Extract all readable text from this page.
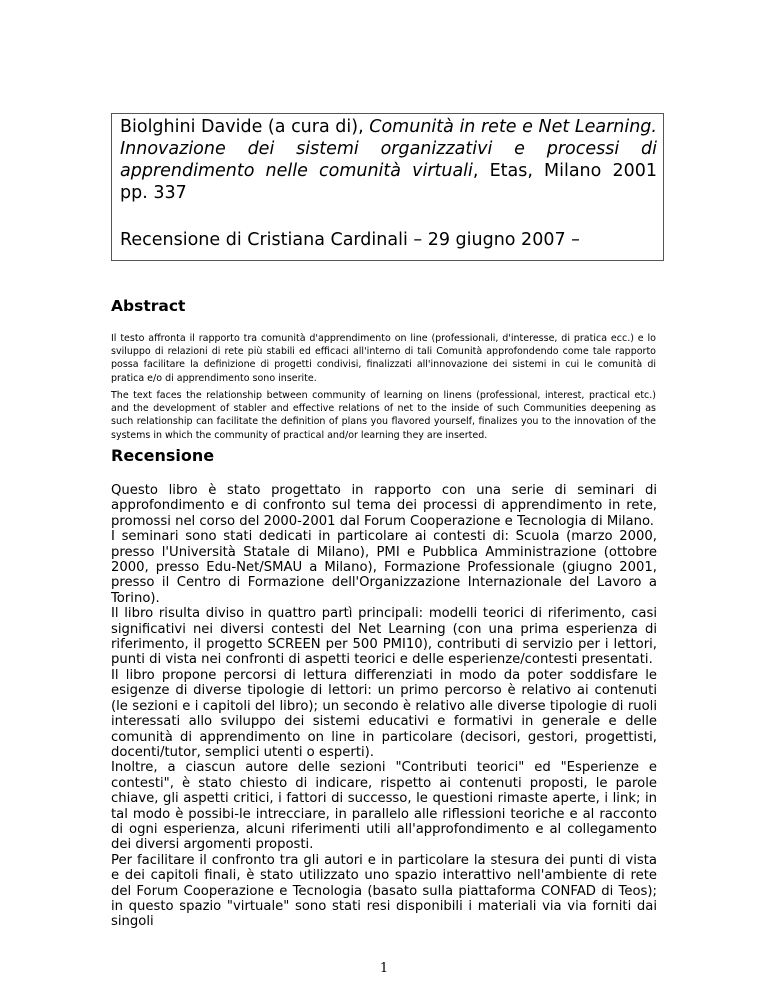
Biolghini Davide (a cura di), Comunità in rete e Net Learning. Innovazione dei sistemi organizzativi e processi di apprendimento nelle comunità virtuali, Etas, Milano 2001 pp. 337

Recensione di Cristiana Cardinali – 29 giugno 2007 –

Abstract

Il testo affronta il rapporto tra comunità d'apprendimento on line (professionali, d'interesse, di pratica ecc.) e lo sviluppo di relazioni di rete più stabili ed efficaci all'interno di tali Comunità approfondendo come tale rapporto possa facilitare la definizione di progetti condivisi, finalizzati all'innovazione dei sistemi in cui le comunità di pratica e/o di apprendimento sono inserite.

The text faces the relationship between community of learning on linens (professional, interest, practical etc.) and the development of stabler and effective relations of net to the inside of such Communities deepening as such relationship can facilitate the definition of plans you flavored yourself, finalizes you to the innovation of the systems in which the community of practical and/or learning they are inserted.

Recensione
Questo libro è stato progettato in rapporto con una serie di seminari di approfondimento e di confronto sul tema dei processi di apprendimento in rete, promossi nel corso del 2000-2001 dal Forum Cooperazione e Tecnologia di Milano.
I seminari sono stati dedicati in particolare ai contesti di: Scuola (marzo 2000, presso l'Università Statale di Milano), PMI e Pubblica Amministrazione (ottobre 2000, presso Edu-Net/SMAU a Milano), Formazione Professionale (giugno 2001, presso il Centro di Formazione dell'Organizzazione Internazionale del Lavoro a Torino).
Il libro risulta diviso in quattro partì principali: modelli teorici di riferimento, casi significativi nei diversi contesti del Net Learning (con una prima esperienza di riferimento, il progetto SCREEN per 500 PMI10), contributi di servizio per i lettori, punti di vista nei confronti di aspetti teorici e delle esperienze/contesti presentati.
Il libro propone percorsi di lettura differenziati in modo da poter soddisfare le esigenze di diverse tipologie di lettori: un primo percorso è relativo ai contenuti (le sezioni e i capitoli del libro); un secondo è relativo alle diverse tipologie di ruoli interessati allo sviluppo dei sistemi educativi e formativi in generale e delle comunità di apprendimento on line in particolare (decisori, gestori, progettisti, docenti/tutor, semplici utenti o esperti).
Inoltre, a ciascun autore delle sezioni "Contributi teorici" ed "Esperienze e contesti", è stato chiesto di indicare, rispetto ai contenuti proposti, le parole chiave, gli aspetti critici, i fattori di successo, le questioni rimaste aperte, i link; in tal modo è possibi-le intrecciare, in parallelo alle riflessioni teoriche e al racconto di ogni esperienza, alcuni riferimenti utili all'approfondimento e al collegamento dei diversi argomenti proposti.
Per facilitare il confronto tra gli autori e in particolare la stesura dei punti di vista e dei capitoli finali, è stato utilizzato uno spazio interattivo nell'ambiente di rete del Forum Cooperazione e Tecnologia (basato sulla piattaforma CONFAD di Teos); in questo spazio "virtuale" sono stati resi disponibili i materiali via via forniti dai singoli
1
